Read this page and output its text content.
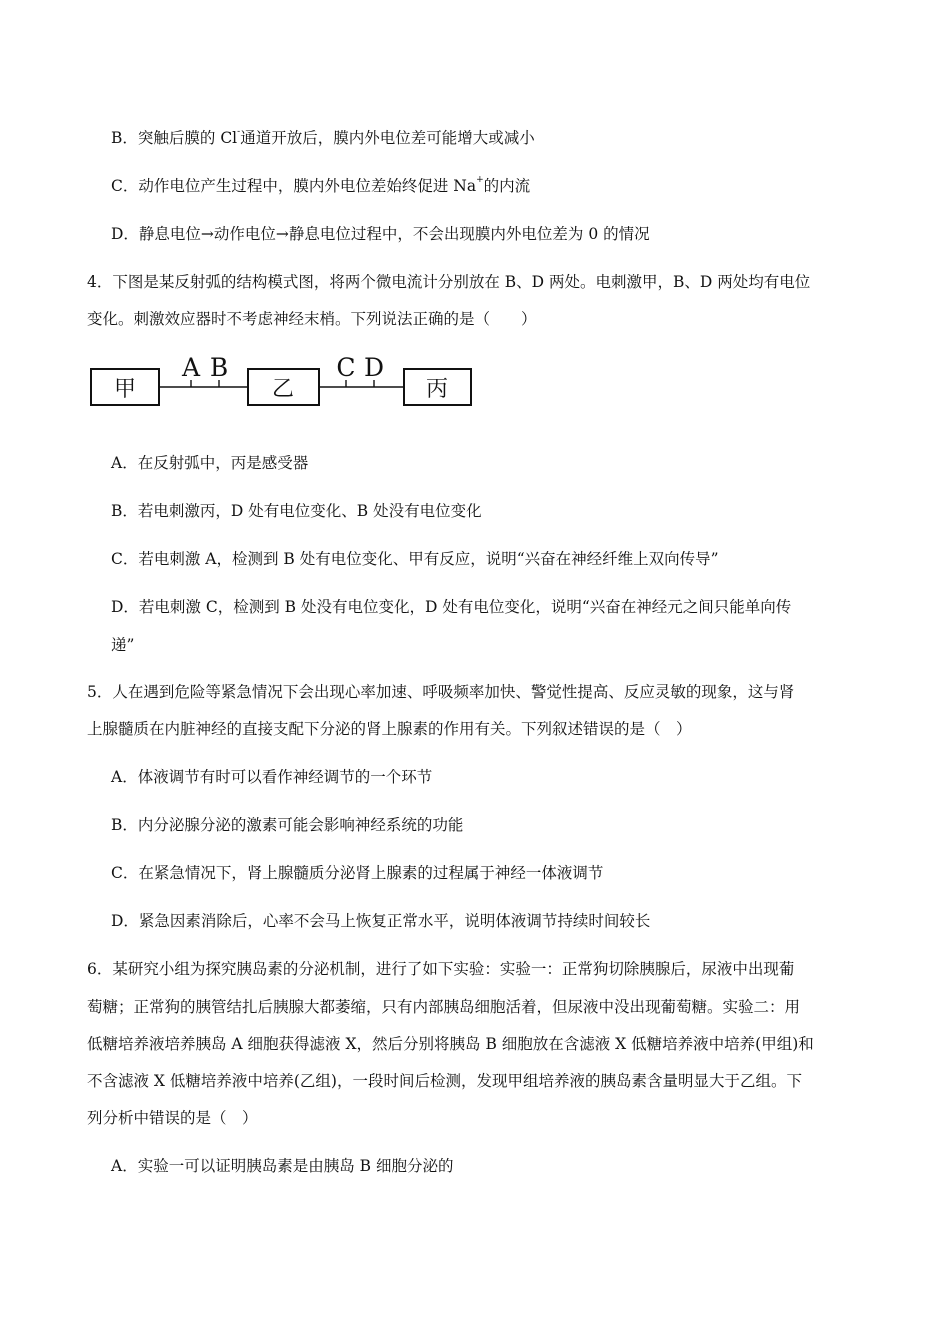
B．突触后膜的 Cl-通道开放后，膜内外电位差可能增大或减小
C．动作电位产生过程中，膜内外电位差始终促进 Na+的内流
D．静息电位→动作电位→静息电位过程中，不会出现膜内外电位差为 0 的情况
4．下图是某反射弧的结构模式图，将两个微电流计分别放在 B、D 两处。电刺激甲，B、D 两处均有电位
变化。刺激效应器时不考虑神经末梢。下列说法正确的是（　　）
A B	C D
甲	乙	丙
A．在反射弧中，丙是感受器
B．若电刺激丙，D 处有电位变化、B 处没有电位变化
C．若电刺激 A，检测到 B 处有电位变化、甲有反应，说明“兴奋在神经纤维上双向传导”
D．若电刺激 C，检测到 B 处没有电位变化，D 处有电位变化，说明“兴奋在神经元之间只能单向传
递”
5．人在遇到危险等紧急情况下会出现心率加速、呼吸频率加快、警觉性提高、反应灵敏的现象，这与肾
上腺髓质在内脏神经的直接支配下分泌的肾上腺素的作用有关。下列叙述错误的是（　）
A．体液调节有时可以看作神经调节的一个环节
B．内分泌腺分泌的激素可能会影响神经系统的功能
C．在紧急情况下，肾上腺髓质分泌肾上腺素的过程属于神经一体液调节
D．紧急因素消除后，心率不会马上恢复正常水平，说明体液调节持续时间较长
6．某研究小组为探究胰岛素的分泌机制，进行了如下实验：实验一：正常狗切除胰腺后，尿液中出现葡
萄糖；正常狗的胰管结扎后胰腺大都萎缩，只有内部胰岛细胞活着，但尿液中没出现葡萄糖。实验二：用
低糖培养液培养胰岛 A 细胞获得滤液 X，然后分别将胰岛 B 细胞放在含滤液 X 低糖培养液中培养(甲组)和
不含滤液 X 低糖培养液中培养(乙组)，一段时间后检测，发现甲组培养液的胰岛素含量明显大于乙组。下
列分析中错误的是（　）
A．实验一可以证明胰岛素是由胰岛 B 细胞分泌的
